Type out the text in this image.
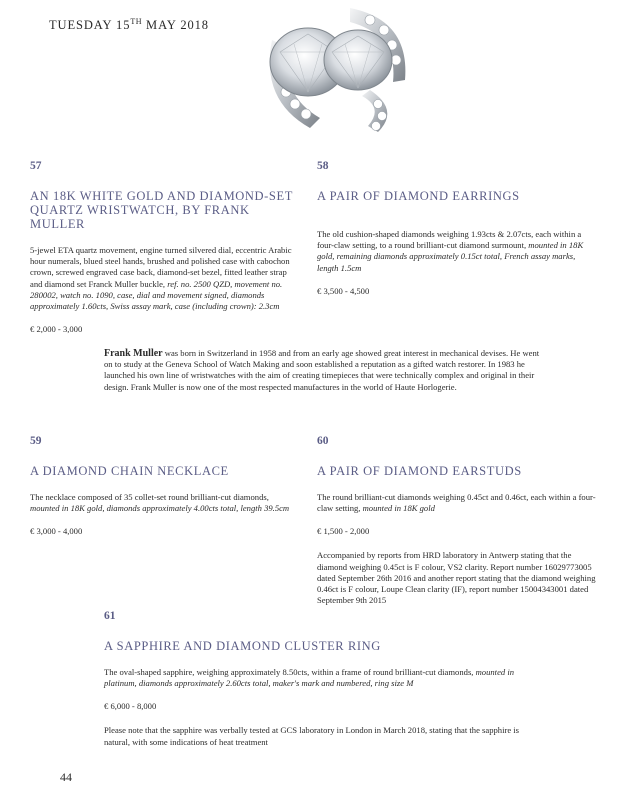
TUESDAY 15TH MAY 2018
57
AN 18K WHITE GOLD AND DIAMOND-SET QUARTZ WRISTWATCH, BY FRANK MULLER
5-jewel ETA quartz movement, engine turned silvered dial, eccentric Arabic hour numerals, blued steel hands, brushed and polished case with cabochon crown, screwed engraved case back, diamond-set bezel, fitted leather strap and diamond set Franck Muller buckle, ref. no. 2500 QZD, movement no. 280002, watch no. 1090, case, dial and movement signed, diamonds approximately 1.60cts, Swiss assay mark, case (including crown): 2.3cm
€ 2,000 - 3,000
58
A PAIR OF DIAMOND EARRINGS
The old cushion-shaped diamonds weighing 1.93cts & 2.07cts, each within a four-claw setting, to a round brilliant-cut diamond surmount, mounted in 18K gold, remaining diamonds approximately 0.15ct total, French assay marks, length 1.5cm
€ 3,500 - 4,500
Frank Muller was born in Switzerland in 1958 and from an early age showed great interest in mechanical devises. He went on to study at the Geneva School of Watch Making and soon established a reputation as a gifted watch restorer. In 1983 he launched his own line of wristwatches with the aim of creating timepieces that were technically complex and original in their design. Frank Muller is now one of the most respected manufactures in the world of Haute Horlogerie.
59
A DIAMOND CHAIN NECKLACE
The necklace composed of 35 collet-set round brilliant-cut diamonds, mounted in 18K gold, diamonds approximately 4.00cts total, length 39.5cm
€ 3,000 - 4,000
60
A PAIR OF DIAMOND EARSTUDS
The round brilliant-cut diamonds weighing 0.45ct and 0.46ct, each within a four-claw setting, mounted in 18K gold
€ 1,500 - 2,000
Accompanied by reports from HRD laboratory in Antwerp stating that the diamond weighing 0.45ct is F colour, VS2 clarity. Report number 16029773005 dated September 26th 2016 and another report stating that the diamond weighing 0.46ct is F colour, Loupe Clean clarity (IF), report number 15004343001 dated September 9th 2015
61
A SAPPHIRE AND DIAMOND CLUSTER RING
The oval-shaped sapphire, weighing approximately 8.50cts, within a frame of round brilliant-cut diamonds, mounted in platinum, diamonds approximately 2.60cts total, maker's mark and numbered, ring size M
€ 6,000 - 8,000
Please note that the sapphire was verbally tested at GCS laboratory in London in March 2018, stating that the sapphire is natural, with some indications of heat treatment
44
